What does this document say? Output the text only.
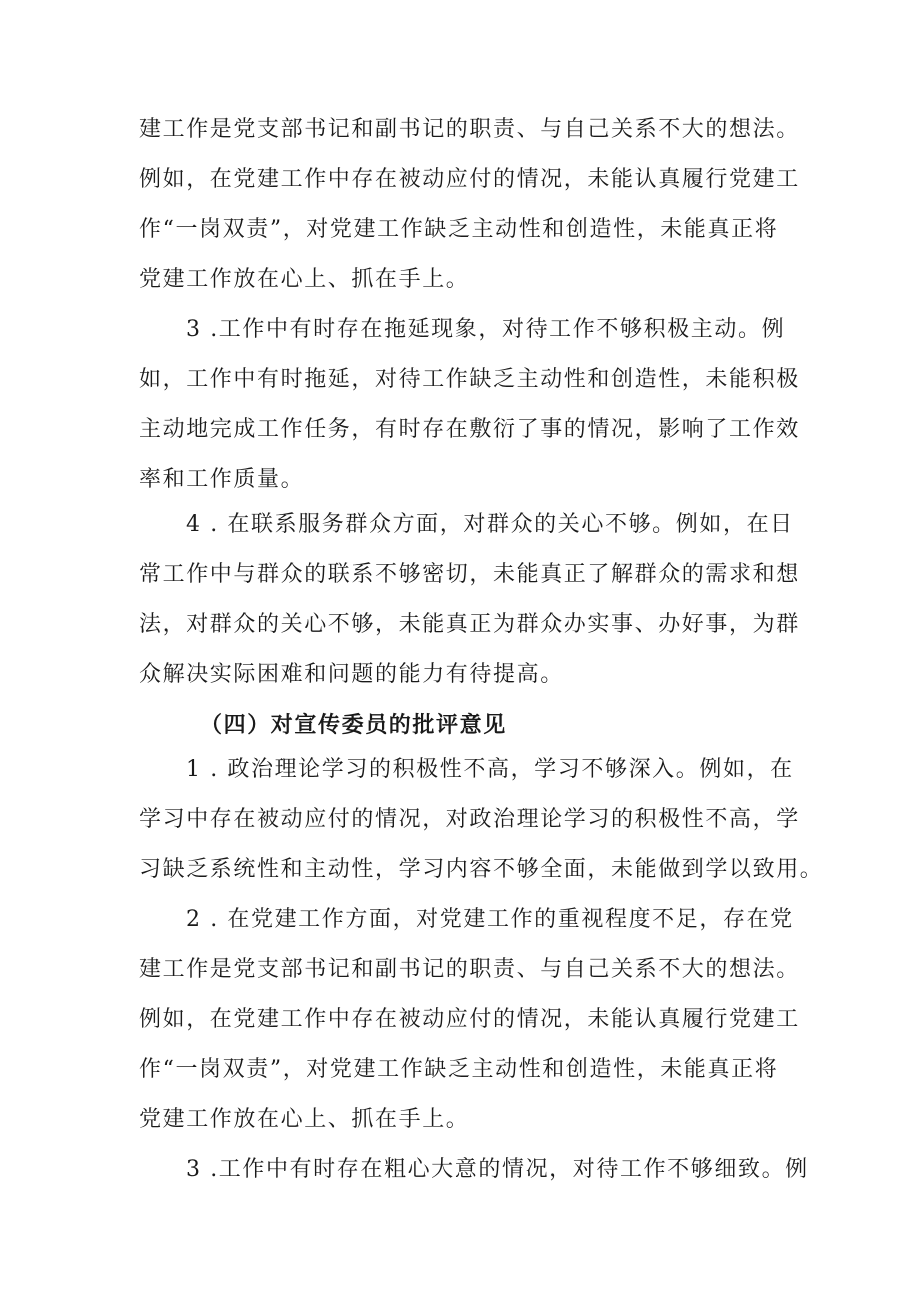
建工作是党支部书记和副书记的职责、与自己关系不大的想法。
例如，在党建工作中存在被动应付的情况，未能认真履行党建工
作“一岗双责”，对党建工作缺乏主动性和创造性，未能真正将
党建工作放在心上、抓在手上。
3 .工作中有时存在拖延现象，对待工作不够积极主动。例
如，工作中有时拖延，对待工作缺乏主动性和创造性，未能积极
主动地完成工作任务，有时存在敷衍了事的情况，影响了工作效
率和工作质量。
4 . 在联系服务群众方面，对群众的关心不够。例如，在日
常工作中与群众的联系不够密切，未能真正了解群众的需求和想
法，对群众的关心不够，未能真正为群众办实事、办好事，为群
众解决实际困难和问题的能力有待提高。
（四）对宣传委员的批评意见
1 . 政治理论学习的积极性不高，学习不够深入。例如，在
学习中存在被动应付的情况，对政治理论学习的积极性不高，学
习缺乏系统性和主动性，学习内容不够全面，未能做到学以致用。
2 . 在党建工作方面，对党建工作的重视程度不足，存在党
建工作是党支部书记和副书记的职责、与自己关系不大的想法。
例如，在党建工作中存在被动应付的情况，未能认真履行党建工
作“一岗双责”，对党建工作缺乏主动性和创造性，未能真正将
党建工作放在心上、抓在手上。
3 .工作中有时存在粗心大意的情况，对待工作不够细致。例
